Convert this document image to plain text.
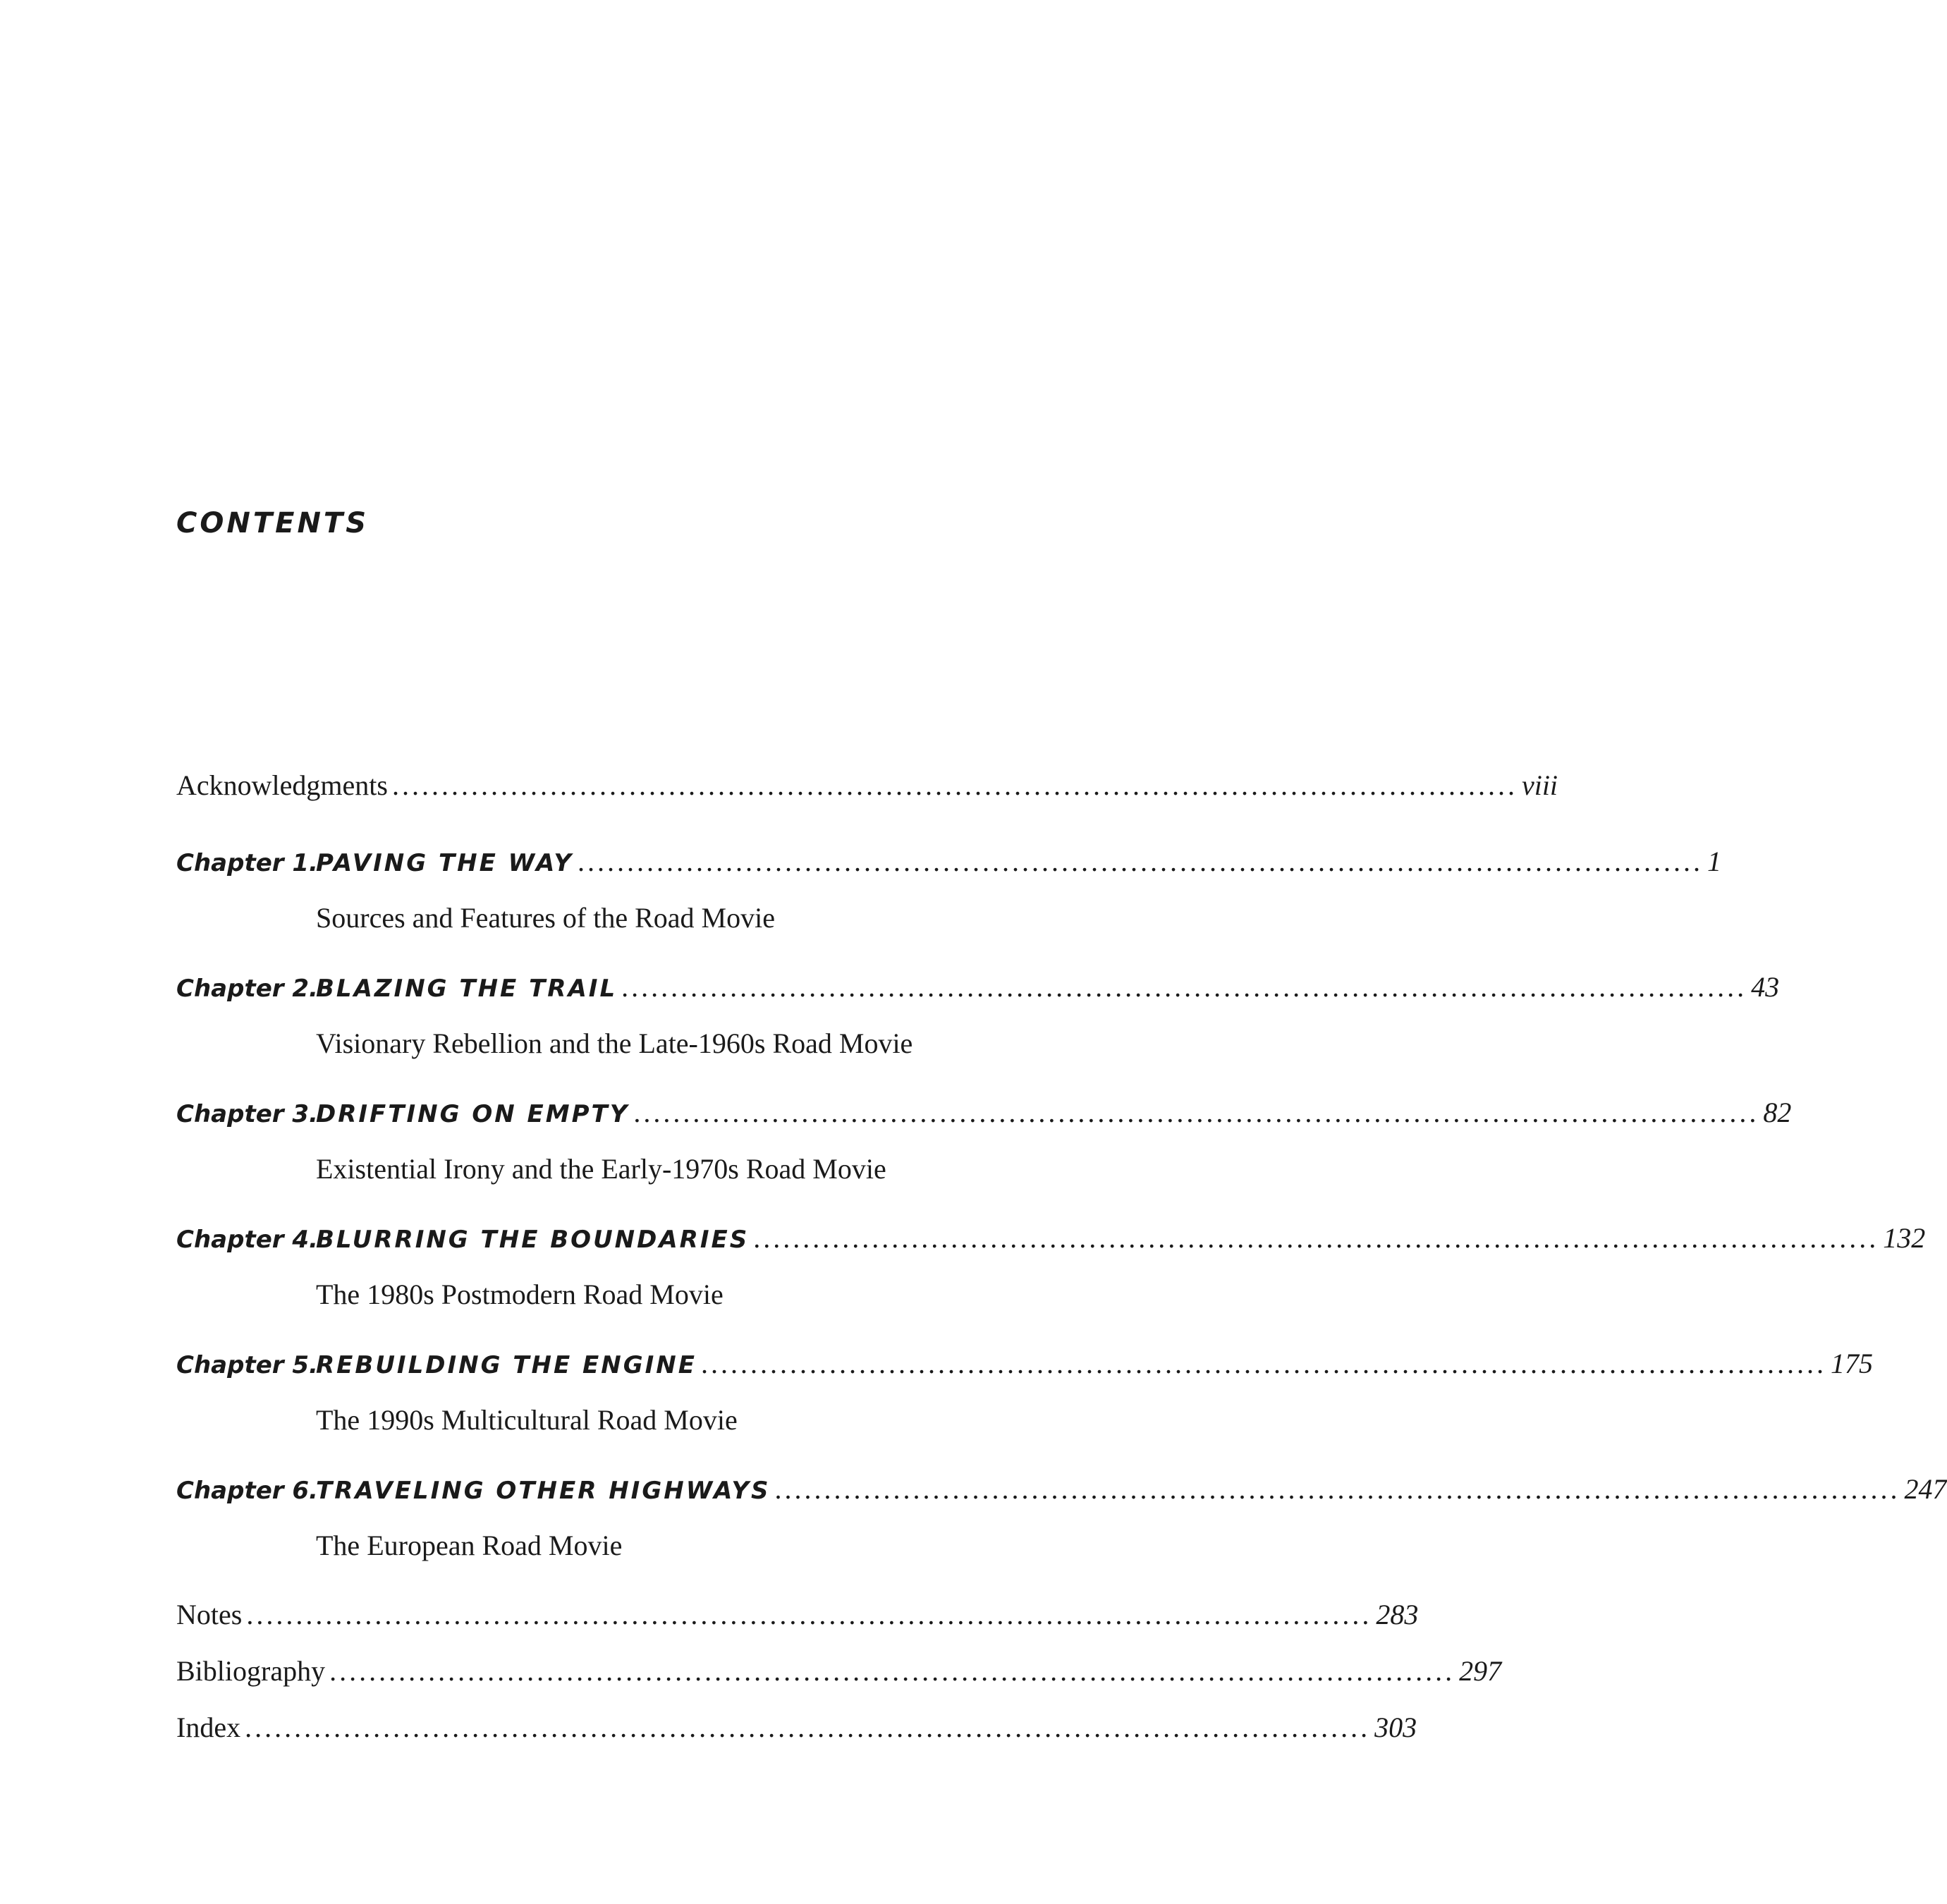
CONTENTS
Acknowledgments .................................................................................................................. viii
Chapter 1.
PAVING THE WAY .................................................................................................................. 1
Sources and Features of the Road Movie
Chapter 2.
BLAZING THE TRAIL .................................................................................................................. 43
Visionary Rebellion and the Late-1960s Road Movie
Chapter 3.
DRIFTING ON EMPTY .................................................................................................................. 82
Existential Irony and the Early-1970s Road Movie
Chapter 4.
BLURRING THE BOUNDARIES .................................................................................................................. 132
The 1980s Postmodern Road Movie
Chapter 5.
REBUILDING THE ENGINE .................................................................................................................. 175
The 1990s Multicultural Road Movie
Chapter 6.
TRAVELING OTHER HIGHWAYS .................................................................................................................. 247
The European Road Movie
Notes .................................................................................................................. 283
Bibliography .................................................................................................................. 297
Index .................................................................................................................. 303
